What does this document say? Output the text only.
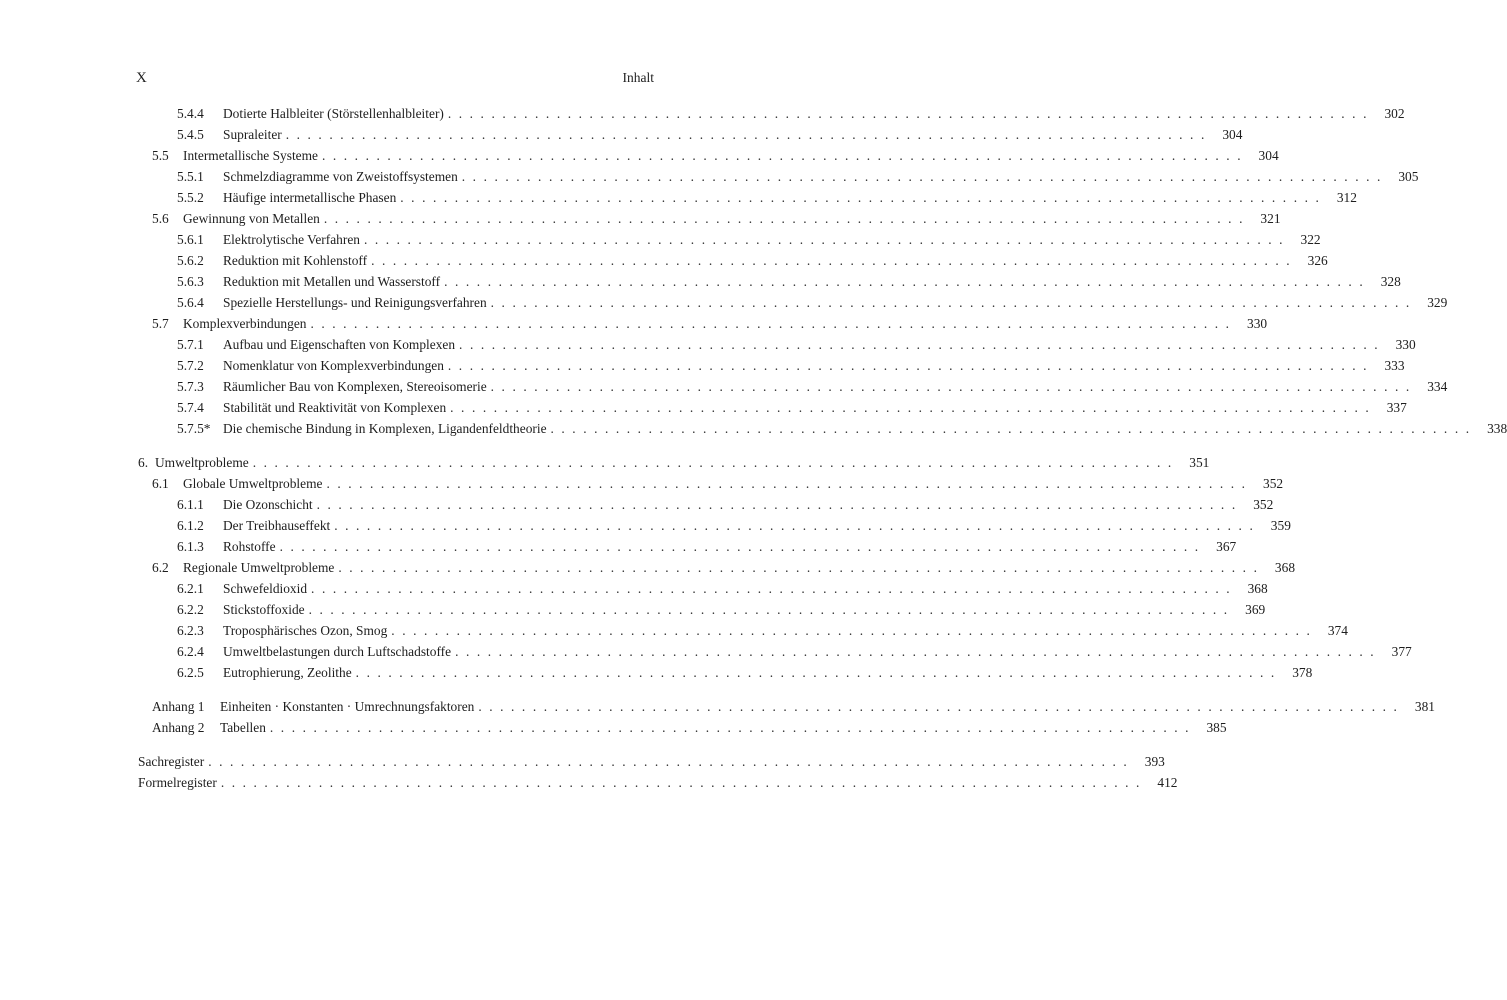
X	Inhalt
5.4.4	Dotierte Halbleiter (Störstellenhalbleiter) . . . . . . . . . . . . . . . . . . . . . . . . . . . . . . . . . . . . . . . . . . . . . . . . . . . . . . . . . . . . . . . . . . . . . . . . . . . . . . . . . . . . .	302
5.4.5	Supraleiter . . . . . . . . . . . . . . . . . . . . . . . . . . . . . . . . . . . . . . . . . . . . . . . . . . . . . . . . . . . . . . . . . . . . . . . . . . . . . . . . . . . . .	304
5.5	Intermetallische Systeme . . . . . . . . . . . . . . . . . . . . . . . . . . . . . . . . . . . . . . . . . . . . . . . . . . . . . . . . . . . . . . . . . . . . . . . . . . . . . . . . . . . . .	304
5.5.1	Schmelzdiagramme von Zweistoffsystemen . . . . . . . . . . . . . . . . . . . . . . . . . . . . . . . . . . . . . . . . . . . . . . . . . . . . . . . . . . . . . . . . . . . . . . . . . . . . . . . . . . . . .	305
5.5.2	Häufige intermetallische Phasen . . . . . . . . . . . . . . . . . . . . . . . . . . . . . . . . . . . . . . . . . . . . . . . . . . . . . . . . . . . . . . . . . . . . . . . . . . . . . . . . . . . . .	312
5.6	Gewinnung von Metallen . . . . . . . . . . . . . . . . . . . . . . . . . . . . . . . . . . . . . . . . . . . . . . . . . . . . . . . . . . . . . . . . . . . . . . . . . . . . . . . . . . . . .	321
5.6.1	Elektrolytische Verfahren . . . . . . . . . . . . . . . . . . . . . . . . . . . . . . . . . . . . . . . . . . . . . . . . . . . . . . . . . . . . . . . . . . . . . . . . . . . . . . . . . . . . .	322
5.6.2	Reduktion mit Kohlenstoff . . . . . . . . . . . . . . . . . . . . . . . . . . . . . . . . . . . . . . . . . . . . . . . . . . . . . . . . . . . . . . . . . . . . . . . . . . . . . . . . . . . . .	326
5.6.3	Reduktion mit Metallen und Wasserstoff . . . . . . . . . . . . . . . . . . . . . . . . . . . . . . . . . . . . . . . . . . . . . . . . . . . . . . . . . . . . . . . . . . . . . . . . . . . . . . . . . . . . .	328
5.6.4	Spezielle Herstellungs- und Reinigungsverfahren . . . . . . . . . . . . . . . . . . . . . . . . . . . . . . . . . . . . . . . . . . . . . . . . . . . . . . . . . . . . . . . . . . . . . . . . . . . . . . . . . . . . .	329
5.7	Komplexverbindungen . . . . . . . . . . . . . . . . . . . . . . . . . . . . . . . . . . . . . . . . . . . . . . . . . . . . . . . . . . . . . . . . . . . . . . . . . . . . . . . . . . . . .	330
5.7.1	Aufbau und Eigenschaften von Komplexen . . . . . . . . . . . . . . . . . . . . . . . . . . . . . . . . . . . . . . . . . . . . . . . . . . . . . . . . . . . . . . . . . . . . . . . . . . . . . . . . . . . . .	330
5.7.2	Nomenklatur von Komplexverbindungen . . . . . . . . . . . . . . . . . . . . . . . . . . . . . . . . . . . . . . . . . . . . . . . . . . . . . . . . . . . . . . . . . . . . . . . . . . . . . . . . . . . . .	333
5.7.3	Räumlicher Bau von Komplexen, Stereoisomerie . . . . . . . . . . . . . . . . . . . . . . . . . . . . . . . . . . . . . . . . . . . . . . . . . . . . . . . . . . . . . . . . . . . . . . . . . . . . . . . . . . . . .	334
5.7.4	Stabilität und Reaktivität von Komplexen . . . . . . . . . . . . . . . . . . . . . . . . . . . . . . . . . . . . . . . . . . . . . . . . . . . . . . . . . . . . . . . . . . . . . . . . . . . . . . . . . . . . .	337
5.7.5* Die chemische Bindung in Komplexen, Ligandenfeldtheorie . . . . . . . . . . . . . . . . . . . . . . . . . . . . . . . . . . . . . . . . . . . . . . . . . . . . . . . . . . . . . . . . . . . . . . . . . . . . . . . . . . . . .	338
6. Umweltprobleme . . . . . . . . . . . . . . . . . . . . . . . . . . . . . . . . . . . . . . . . . . . . . . . . . . . . . . . . . . . . . . . . . . . . . . . . . . . . . . . . . . . . .	351
6.1	Globale Umweltprobleme . . . . . . . . . . . . . . . . . . . . . . . . . . . . . . . . . . . . . . . . . . . . . . . . . . . . . . . . . . . . . . . . . . . . . . . . . . . . . . . . . . . . .	352
6.1.1	Die Ozonschicht . . . . . . . . . . . . . . . . . . . . . . . . . . . . . . . . . . . . . . . . . . . . . . . . . . . . . . . . . . . . . . . . . . . . . . . . . . . . . . . . . . . . .	352
6.1.2	Der Treibhauseffekt . . . . . . . . . . . . . . . . . . . . . . . . . . . . . . . . . . . . . . . . . . . . . . . . . . . . . . . . . . . . . . . . . . . . . . . . . . . . . . . . . . . . .	359
6.1.3	Rohstoffe . . . . . . . . . . . . . . . . . . . . . . . . . . . . . . . . . . . . . . . . . . . . . . . . . . . . . . . . . . . . . . . . . . . . . . . . . . . . . . . . . . . . .	367
6.2	Regionale Umweltprobleme . . . . . . . . . . . . . . . . . . . . . . . . . . . . . . . . . . . . . . . . . . . . . . . . . . . . . . . . . . . . . . . . . . . . . . . . . . . . . . . . . . . . .	368
6.2.1	Schwefeldioxid . . . . . . . . . . . . . . . . . . . . . . . . . . . . . . . . . . . . . . . . . . . . . . . . . . . . . . . . . . . . . . . . . . . . . . . . . . . . . . . . . . . . .	368
6.2.2	Stickstoffoxide . . . . . . . . . . . . . . . . . . . . . . . . . . . . . . . . . . . . . . . . . . . . . . . . . . . . . . . . . . . . . . . . . . . . . . . . . . . . . . . . . . . . .	369
6.2.3	Troposphärisches Ozon, Smog . . . . . . . . . . . . . . . . . . . . . . . . . . . . . . . . . . . . . . . . . . . . . . . . . . . . . . . . . . . . . . . . . . . . . . . . . . . . . . . . . . . . .	374
6.2.4	Umweltbelastungen durch Luftschadstoffe . . . . . . . . . . . . . . . . . . . . . . . . . . . . . . . . . . . . . . . . . . . . . . . . . . . . . . . . . . . . . . . . . . . . . . . . . . . . . . . . . . . . .	377
6.2.5	Eutrophierung, Zeolithe . . . . . . . . . . . . . . . . . . . . . . . . . . . . . . . . . . . . . . . . . . . . . . . . . . . . . . . . . . . . . . . . . . . . . . . . . . . . . . . . . . . . .	378
Anhang 1	Einheiten · Konstanten · Umrechnungsfaktoren . . . . . . . . . . . . . . . . . . . . . . . . . . . . . . . . . . . . . . . . . . . . . . . . . . . . . . . . . . . . . . . . . . . . . . . . . . . . . . . . . . . . .	381
Anhang 2	Tabellen . . . . . . . . . . . . . . . . . . . . . . . . . . . . . . . . . . . . . . . . . . . . . . . . . . . . . . . . . . . . . . . . . . . . . . . . . . . . . . . . . . . . .	385
Sachregister . . . . . . . . . . . . . . . . . . . . . . . . . . . . . . . . . . . . . . . . . . . . . . . . . . . . . . . . . . . . . . . . . . . . . . . . . . . . . . . . . . . . .	393
Formelregister . . . . . . . . . . . . . . . . . . . . . . . . . . . . . . . . . . . . . . . . . . . . . . . . . . . . . . . . . . . . . . . . . . . . . . . . . . . . . . . . . . . . .	412
